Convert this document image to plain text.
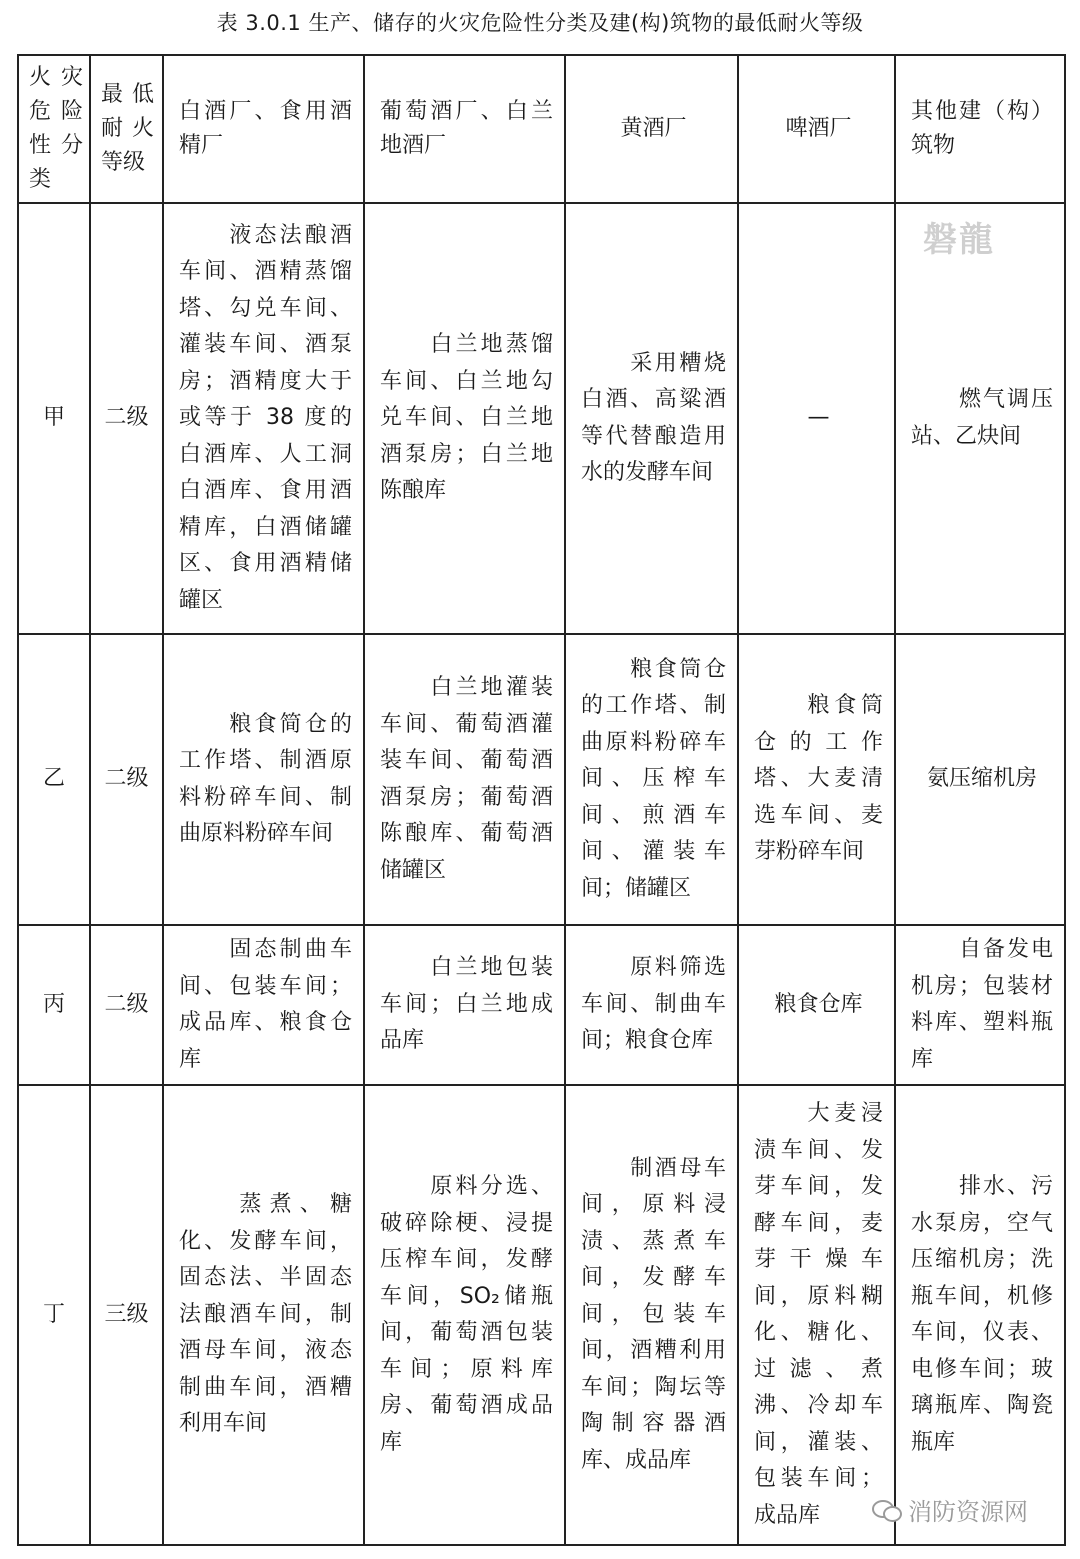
表 3.0.1 生产、储存的火灾危险性分类及建(构)筑物的最低耐火等级
火灾危险性分类	最低耐火等级	白酒厂、食用酒精厂	葡萄酒厂、白兰地酒厂	黄酒厂	啤酒厂	其他建（构）筑物

甲	二级	　　液态法酿酒车间、酒精蒸馏塔、勾兑车间、灌装车间、酒泵房；酒精度大于或等于 38 度的白酒库、人工洞白酒库、食用酒精库，白酒储罐区、食用酒精储罐区	　　白兰地蒸馏车间、白兰地勾兑车间、白兰地酒泵房；白兰地陈酿库	　　采用糟烧白酒、高粱酒等代替酿造用水的发酵车间	—	　　燃气调压站、乙炔间

乙	二级	　　粮食简仓的工作塔、制酒原料粉碎车间、制曲原料粉碎车间	　　白兰地灌装车间、葡萄酒灌装车间、葡萄酒酒泵房；葡萄酒陈酿库、葡萄酒储罐区	　　粮食筒仓的工作塔、制曲原料粉碎车间、压榨车间、煎酒车间、灌装车间；储罐区	　　粮食筒仓的工作塔、大麦清选车间、麦芽粉碎车间	氨压缩机房

丙	二级	　　固态制曲车间、包装车间；成品库、粮食仓库	　　白兰地包装车间；白兰地成品库	　　原料筛选车间、制曲车间；粮食仓库	粮食仓库	　　自备发电机房；包装材料库、塑料瓶库

丁	三级	　　蒸煮、糖化、发酵车间，固态法、半固态法酿酒车间，制酒母车间，液态制曲车间，酒糟利用车间	　　原料分选、破碎除梗、浸提压榨车间，发酵车间，SO₂储瓶间，葡萄酒包装车间；原料库房、葡萄酒成品库	　　制酒母车间，原料浸渍、蒸煮车间，发酵车间，包装车间，酒糟利用车间；陶坛等陶制容器酒库、成品库	　　大麦浸渍车间、发芽车间，发酵车间，麦芽干燥车间，原料糊化、糖化、过滤、煮沸、冷却车间，灌装、包装车间；成品库	　　排水、污水泵房，空气压缩机房；洗瓶车间，机修车间，仪表、电修车间；玻璃瓶库、陶瓷瓶库
磐龍
消防资源网
